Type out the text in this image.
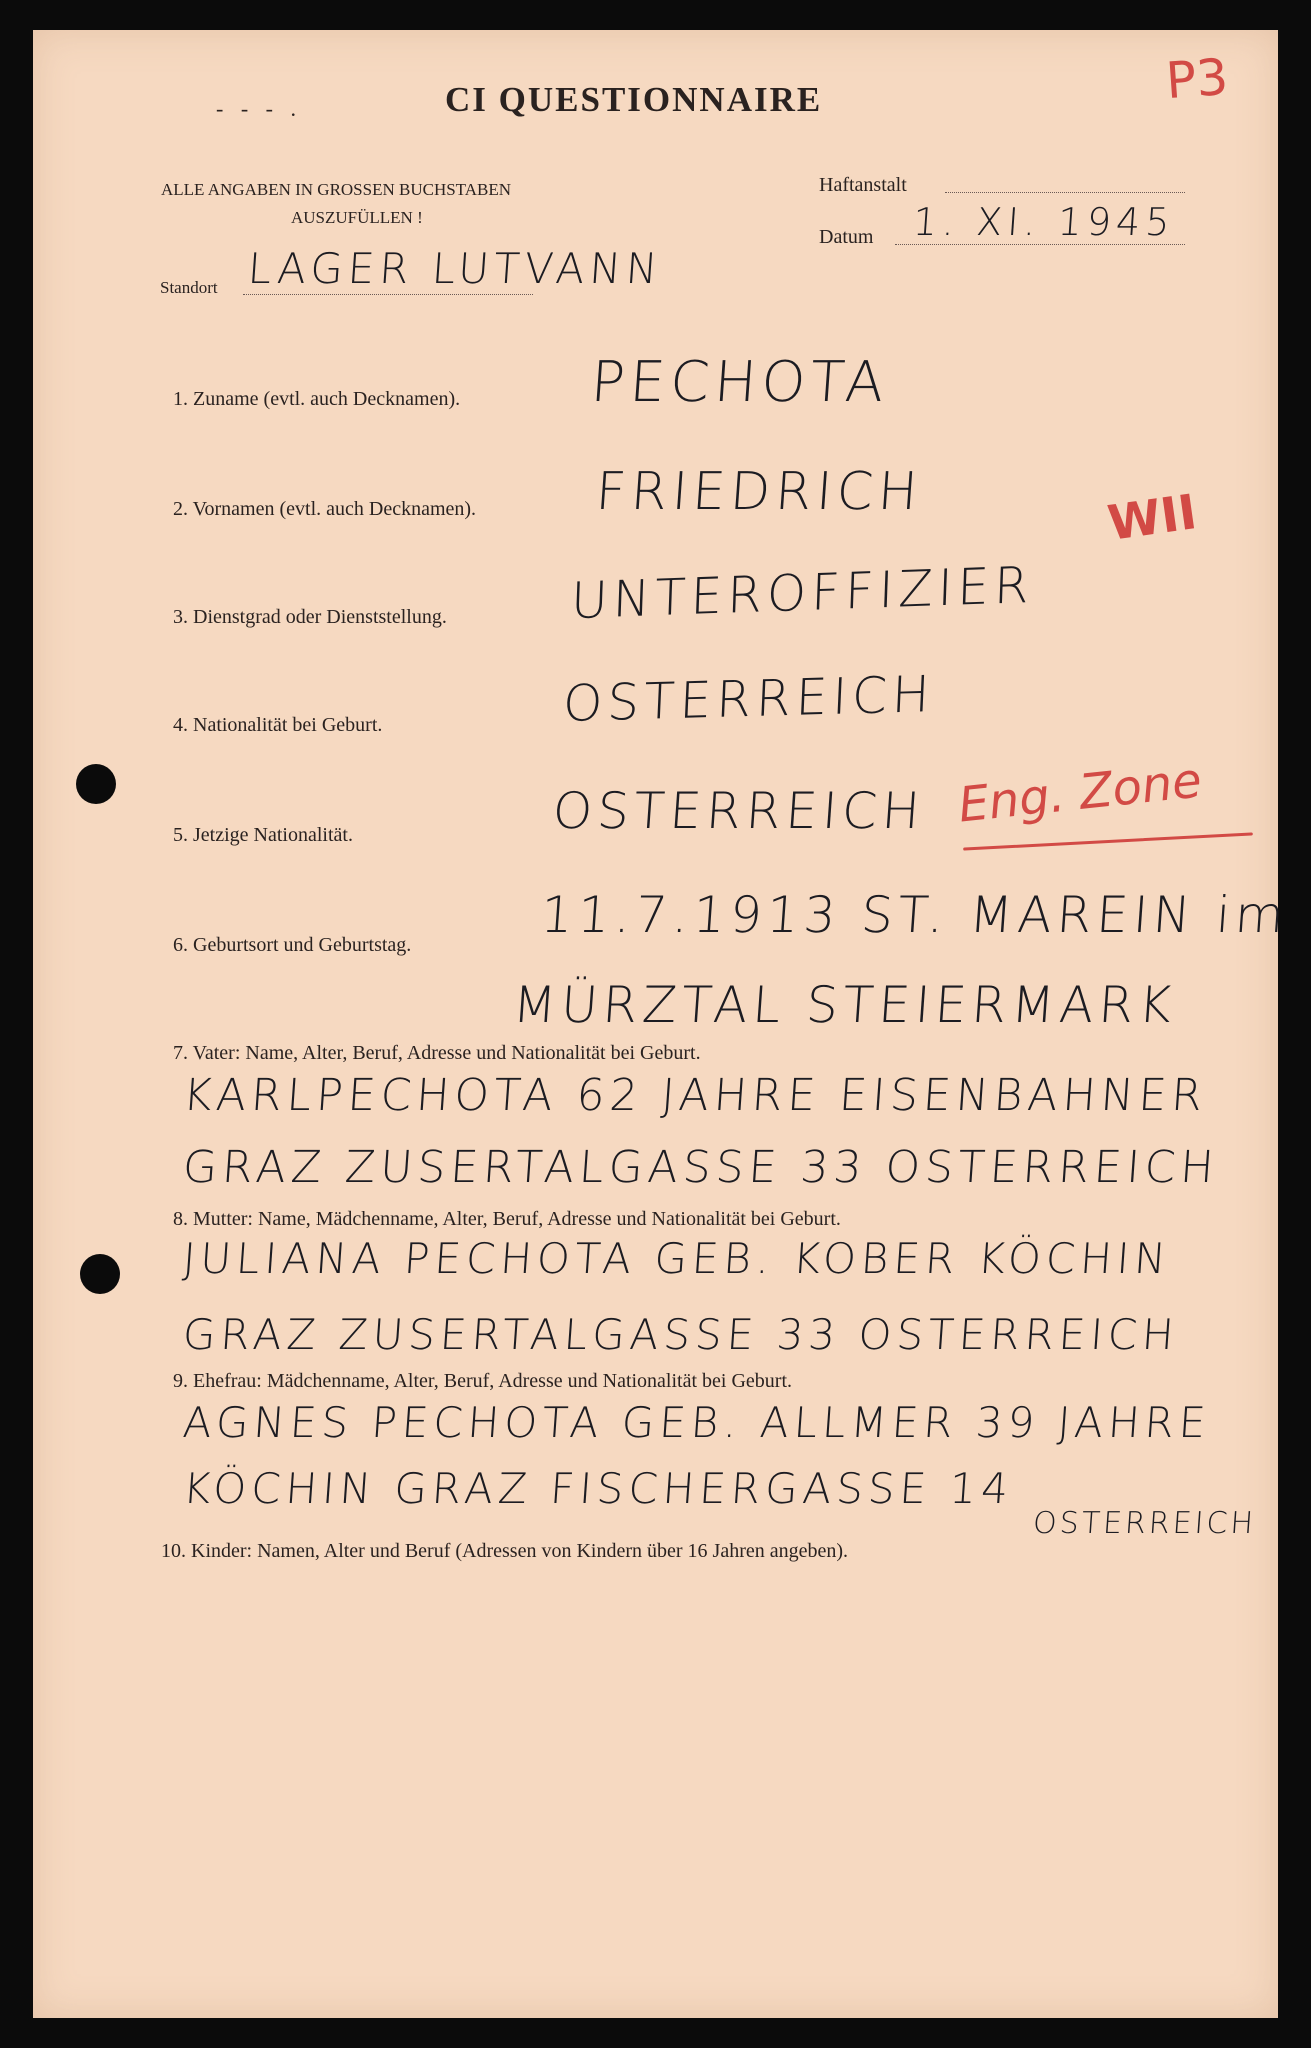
- - - .	CI QUESTIONNAIRE	P3
ALLE ANGABEN IN GROSSEN BUCHSTABEN
AUSZUFÜLLEN !
Haftanstalt
Datum 1. XI. 1945
Standort LAGER LUTVANN
1. Zuname (evtl. auch Decknamen). PECHOTA
2. Vornamen (evtl. auch Decknamen). FRIEDRICH	WII
3. Dienstgrad oder Dienststellung. UNTEROFFIZIER
4. Nationalität bei Geburt.	OSTERREICH
5. Jetzige Nationalität.	OSTERREICH Eng. Zone
6. Geburtsort und Geburtstag.
11.7.1913 ST. MAREIN im
MÜRZTAL STEIERMARK
7. Vater: Name, Alter, Beruf, Adresse und Nationalität bei Geburt.
KARLPECHOTA 62 JAHRE EISENBAHNER
GRAZ ZUSERTALGASSE 33 OSTERREICH
8. Mutter: Name, Mädchenname, Alter, Beruf, Adresse und Nationalität bei Geburt.
JULIANA PECHOTA GEB. KOBER KÖCHIN
GRAZ ZUSERTALGASSE 33 OSTERREICH
9. Ehefrau: Mädchenname, Alter, Beruf, Adresse und Nationalität bei Geburt.
AGNES PECHOTA GEB. ALLMER 39 JAHRE
KÖCHIN GRAZ FISCHERGASSE 14
OSTERREICH
10. Kinder: Namen, Alter und Beruf (Adressen von Kindern über 16 Jahren angeben).
